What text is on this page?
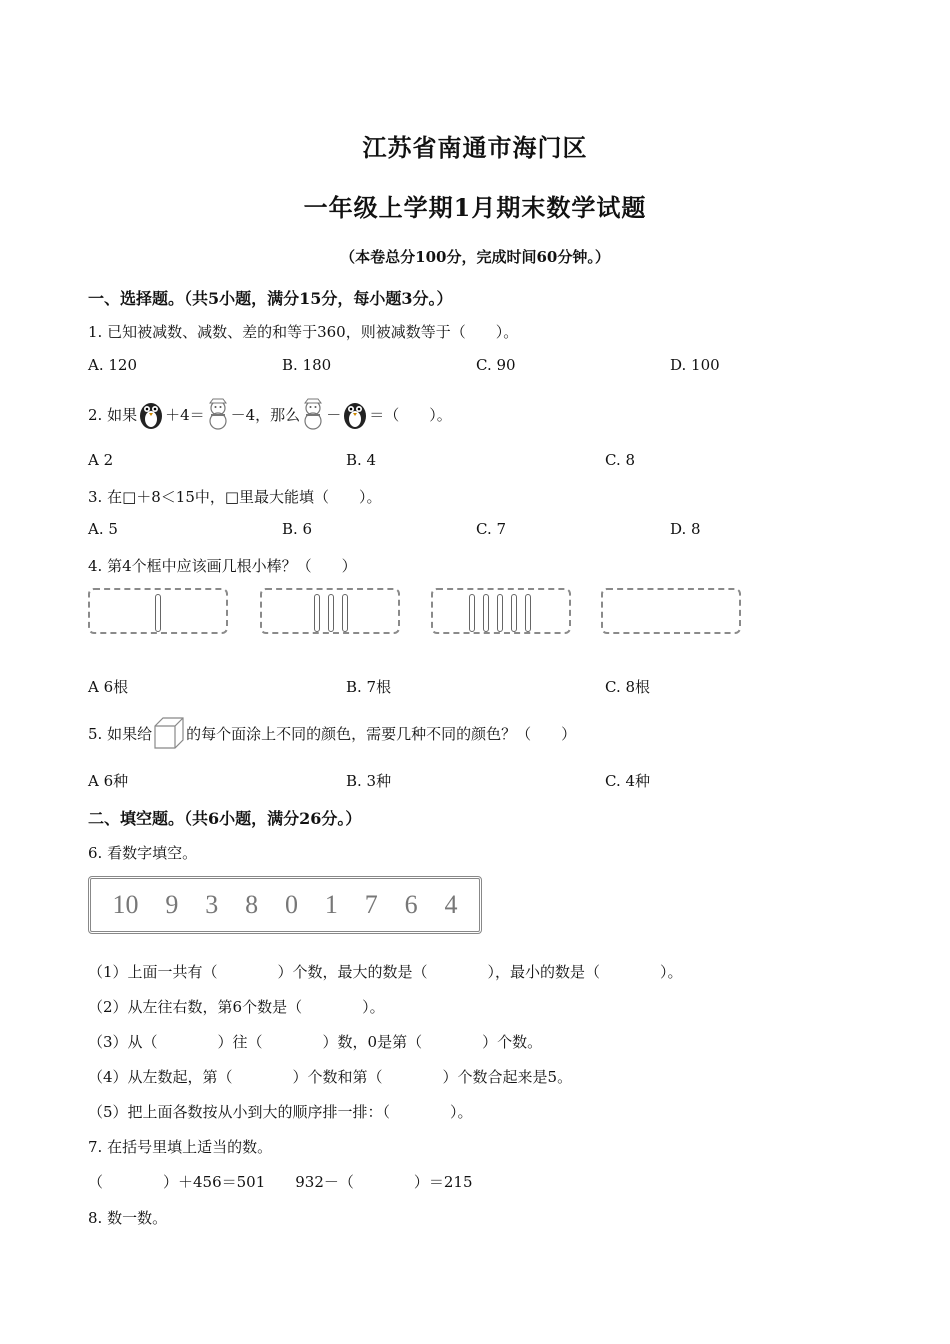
江苏省南通市海门区
一年级上学期1月期末数学试题
（本卷总分100分，完成时间60分钟。）
一、选择题。（共5小题，满分15分，每小题3分。）
1. 已知被减数、减数、差的和等于360，则被减数等于（　　）。
A. 120	B. 180	C. 90	D. 100
2. 如果 ＋4＝ －4，那么 － ＝（　　）。
A 2	B. 4	C. 8
3. 在□＋8＜15中，□里最大能填（　　）。
A. 5	B. 6	C. 7	D. 8
4. 第4个框中应该画几根小棒？（　　）
A 6根	B. 7根	C. 8根
5. 如果给 的每个面涂上不同的颜色，需要几种不同的颜色？（　　）
A 6种	B. 3种	C. 4种
二、填空题。（共6小题，满分26分。）
6. 看数字填空。
10 9 3 8 0 1 7 6 4
（1）上面一共有（　　　　）个数，最大的数是（　　　　），最小的数是（　　　　）。
（2）从左往右数，第6个数是（　　　　）。
（3）从（　　　　）往（　　　　）数，0是第（　　　　）个数。
（4）从左数起，第（　　　　）个数和第（　　　　）个数合起来是5。
（5）把上面各数按从小到大的顺序排一排：（　　　　）。
7. 在括号里填上适当的数。
（　　　　）＋456＝501　　932－（　　　　）＝215
8. 数一数。
